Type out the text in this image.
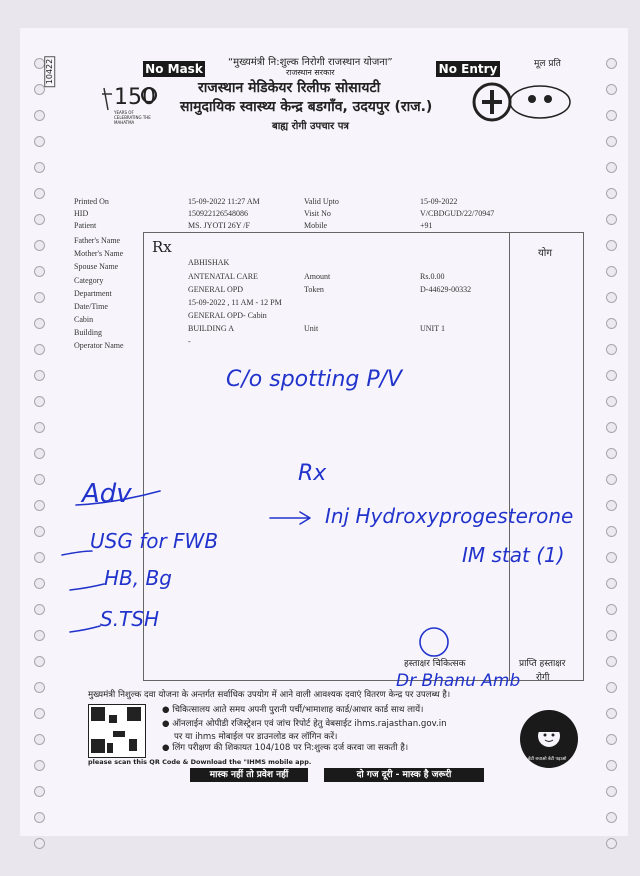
No Mask	No Entry
“मुख्यमंत्री नि:शुल्क निरोगी राजस्थान योजना”
राजस्थान सरकार
मूल प्रति
राजस्थान मेडिकेयर रिलीफ सोसायटी
सामुदायिक स्वास्थ्य केन्द्र बडगाँव, उदयपुर (राज.)
बाह्य रोगी उपचार पत्र
150
YEARS OF CELEBRATING THE MAHATMA
10422
Printed On	15-09-2022 11:27 AM	Valid Upto	15-09-2022
HID	150922126548086	Visit No	V/CBDGUD/22/70947
Patient	MS. JYOTI 26Y /F	Mobile	+91
Father's Name
Mother's Name
Spouse Name	ABHISHAK
Category	ANTENATAL CARE	Amount	Rs.0.00
Department	GENERAL OPD	Token	D-44629-00332
Date/Time	15-09-2022 , 11 AM - 12 PM
Cabin	GENERAL OPD- Cabin
Building	BUILDING A	Unit	UNIT 1
Operator Name	-
Rx	योग
C/o spotting P/V
Adv
USG for FWB
HB, Bg
S.TSH
Rx
Inj Hydroxyprogesterone
IM stat (1)
Dr Bhanu Amb
हस्ताक्षर चिकित्सक	प्राप्ति हस्ताक्षर
रोगी
मुख्यमंत्री निशुल्क दवा योजना के अन्तर्गत सर्वाधिक उपयोग में आने वाली आवश्यक दवाएं वितरण केन्द्र पर उपलब्ध है।
● चिकित्सालय आते समय अपनी पुरानी पर्ची/भामाशाह कार्ड/आधार कार्ड साथ लायें।
● ऑनलाईन ओपीडी रजिस्ट्रेशन एवं जांच रिपोर्ट हेतु वेबसाईट ihms.rajasthan.gov.in
पर या ihms मोबाईल पर डाउनलोड कर लॉगिन करें।
● लिंग परीक्षण की शिकायत 104/108 पर नि:शुल्क दर्ज करवा जा सकती है।
please scan this QR Code & Download the "IHMS mobile app.
मास्क नहीं तो प्रवेश नहीं	दो गज दूरी - मास्क है जरूरी
बेटी बचाओ बेटी पढ़ाओ
